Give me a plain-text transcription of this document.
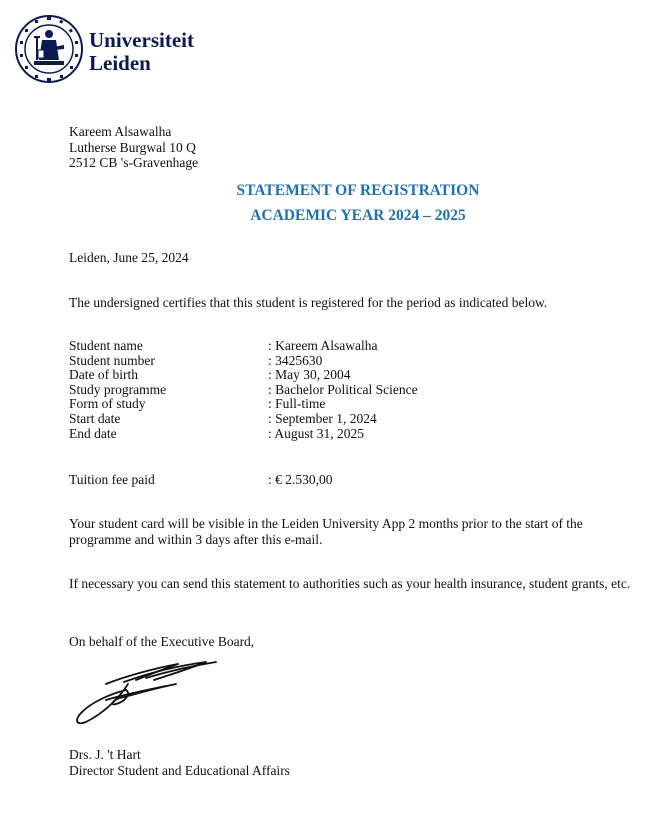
Universiteit
Leiden
Kareem Alsawalha
Lutherse Burgwal 10 Q
2512 CB 's-Gravenhage
STATEMENT OF REGISTRATION
ACADEMIC YEAR 2024 – 2025
Leiden, June 25, 2024
The undersigned certifies that this student is registered for the period as indicated below.
Student name	: Kareem Alsawalha
Student number	: 3425630
Date of birth	: May 30, 2004
Study programme	: Bachelor Political Science
Form of study	: Full-time
Start date	: September 1, 2024
End date	: August 31, 2025
Tuition fee paid	: € 2.530,00
Your student card will be visible in the Leiden University App 2 months prior to the start of the programme and within 3 days after this e-mail.
If necessary you can send this statement to authorities such as your health insurance, student grants, etc.
On behalf of the Executive Board,
Drs. J. 't Hart
Director Student and Educational Affairs
